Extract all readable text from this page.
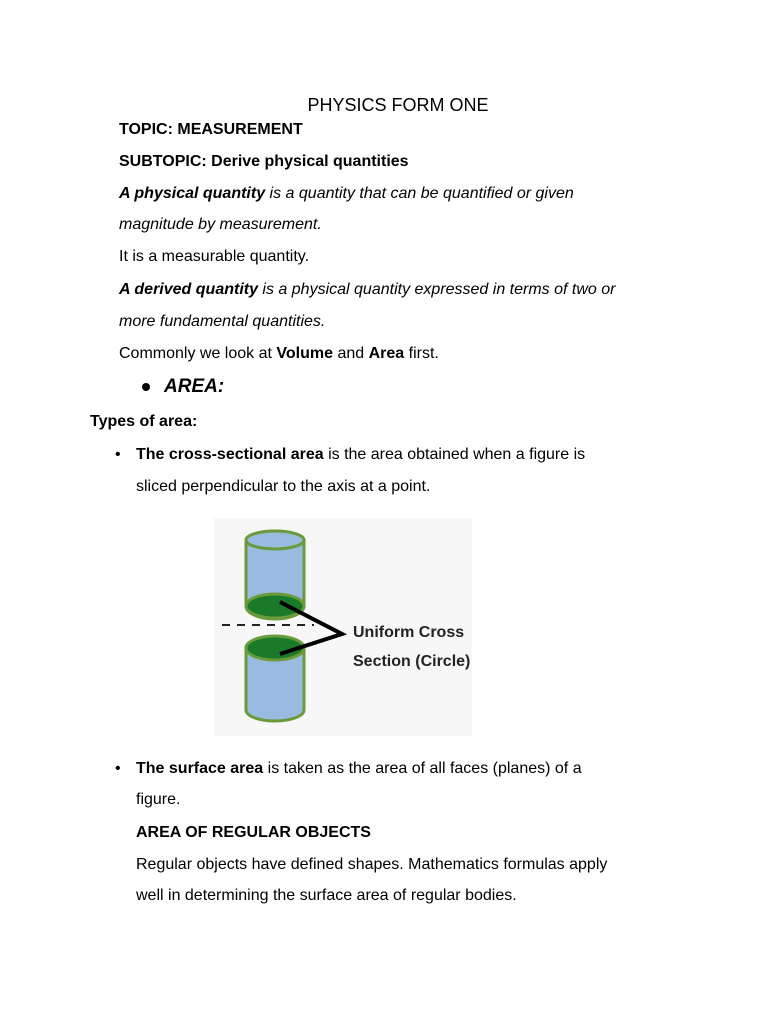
PHYSICS FORM ONE
TOPIC: MEASUREMENT
SUBTOPIC: Derive physical quantities
A physical quantity is a quantity that can be quantified or given
magnitude by measurement.
It is a measurable quantity.
A derived quantity is a physical quantity expressed in terms of two or
more fundamental quantities.
Commonly we look at Volume and Area first.
AREA:
Types of area:
• The cross-sectional area is the area obtained when a figure is
sliced perpendicular to the axis at a point.
Uniform Cross
Section (Circle)
• The surface area is taken as the area of all faces (planes) of a
figure.
AREA OF REGULAR OBJECTS
Regular objects have defined shapes. Mathematics formulas apply
well in determining the surface area of regular bodies.
